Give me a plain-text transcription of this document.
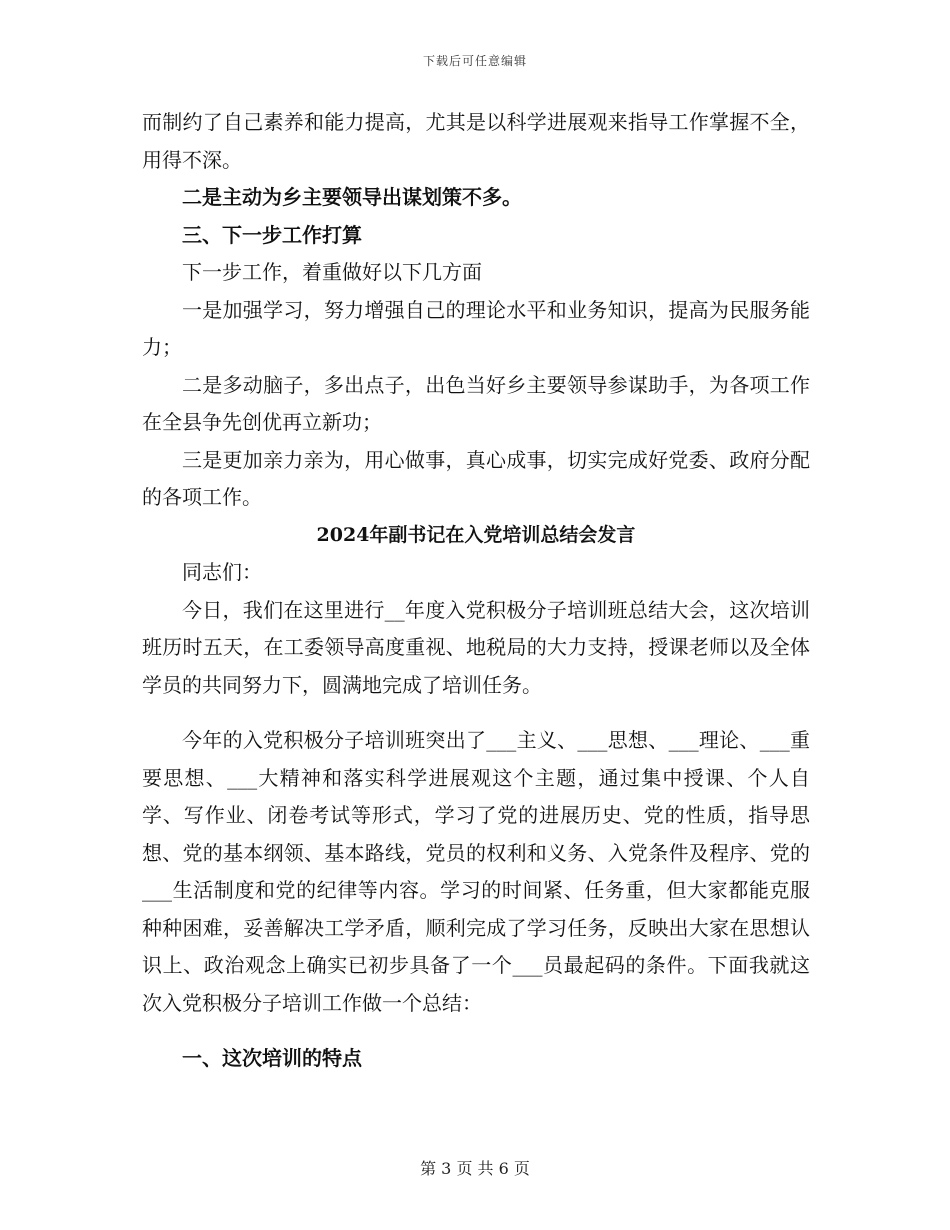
下载后可任意编辑

而制约了自己素养和能力提高，尤其是以科学进展观来指导工作掌握不全，用得不深。

二是主动为乡主要领导出谋划策不多。

三、下一步工作打算

下一步工作，着重做好以下几方面

一是加强学习，努力增强自己的理论水平和业务知识，提高为民服务能力；

二是多动脑子，多出点子，出色当好乡主要领导参谋助手，为各项工作在全县争先创优再立新功；

三是更加亲力亲为，用心做事，真心成事，切实完成好党委、政府分配的各项工作。

2024年副书记在入党培训总结会发言

同志们：

今日，我们在这里进行__年度入党积极分子培训班总结大会，这次培训班历时五天，在工委领导高度重视、地税局的大力支持，授课老师以及全体学员的共同努力下，圆满地完成了培训任务。

今年的入党积极分子培训班突出了___主义、___思想、___理论、___重要思想、___大精神和落实科学进展观这个主题，通过集中授课、个人自学、写作业、闭卷考试等形式，学习了党的进展历史、党的性质，指导思想、党的基本纲领、基本路线，党员的权利和义务、入党条件及程序、党的___生活制度和党的纪律等内容。学习的时间紧、任务重，但大家都能克服种种困难，妥善解决工学矛盾，顺利完成了学习任务，反映出大家在思想认识上、政治观念上确实已初步具备了一个___员最起码的条件。下面我就这次入党积极分子培训工作做一个总结：

一、这次培训的特点

第 3 页 共 6 页
